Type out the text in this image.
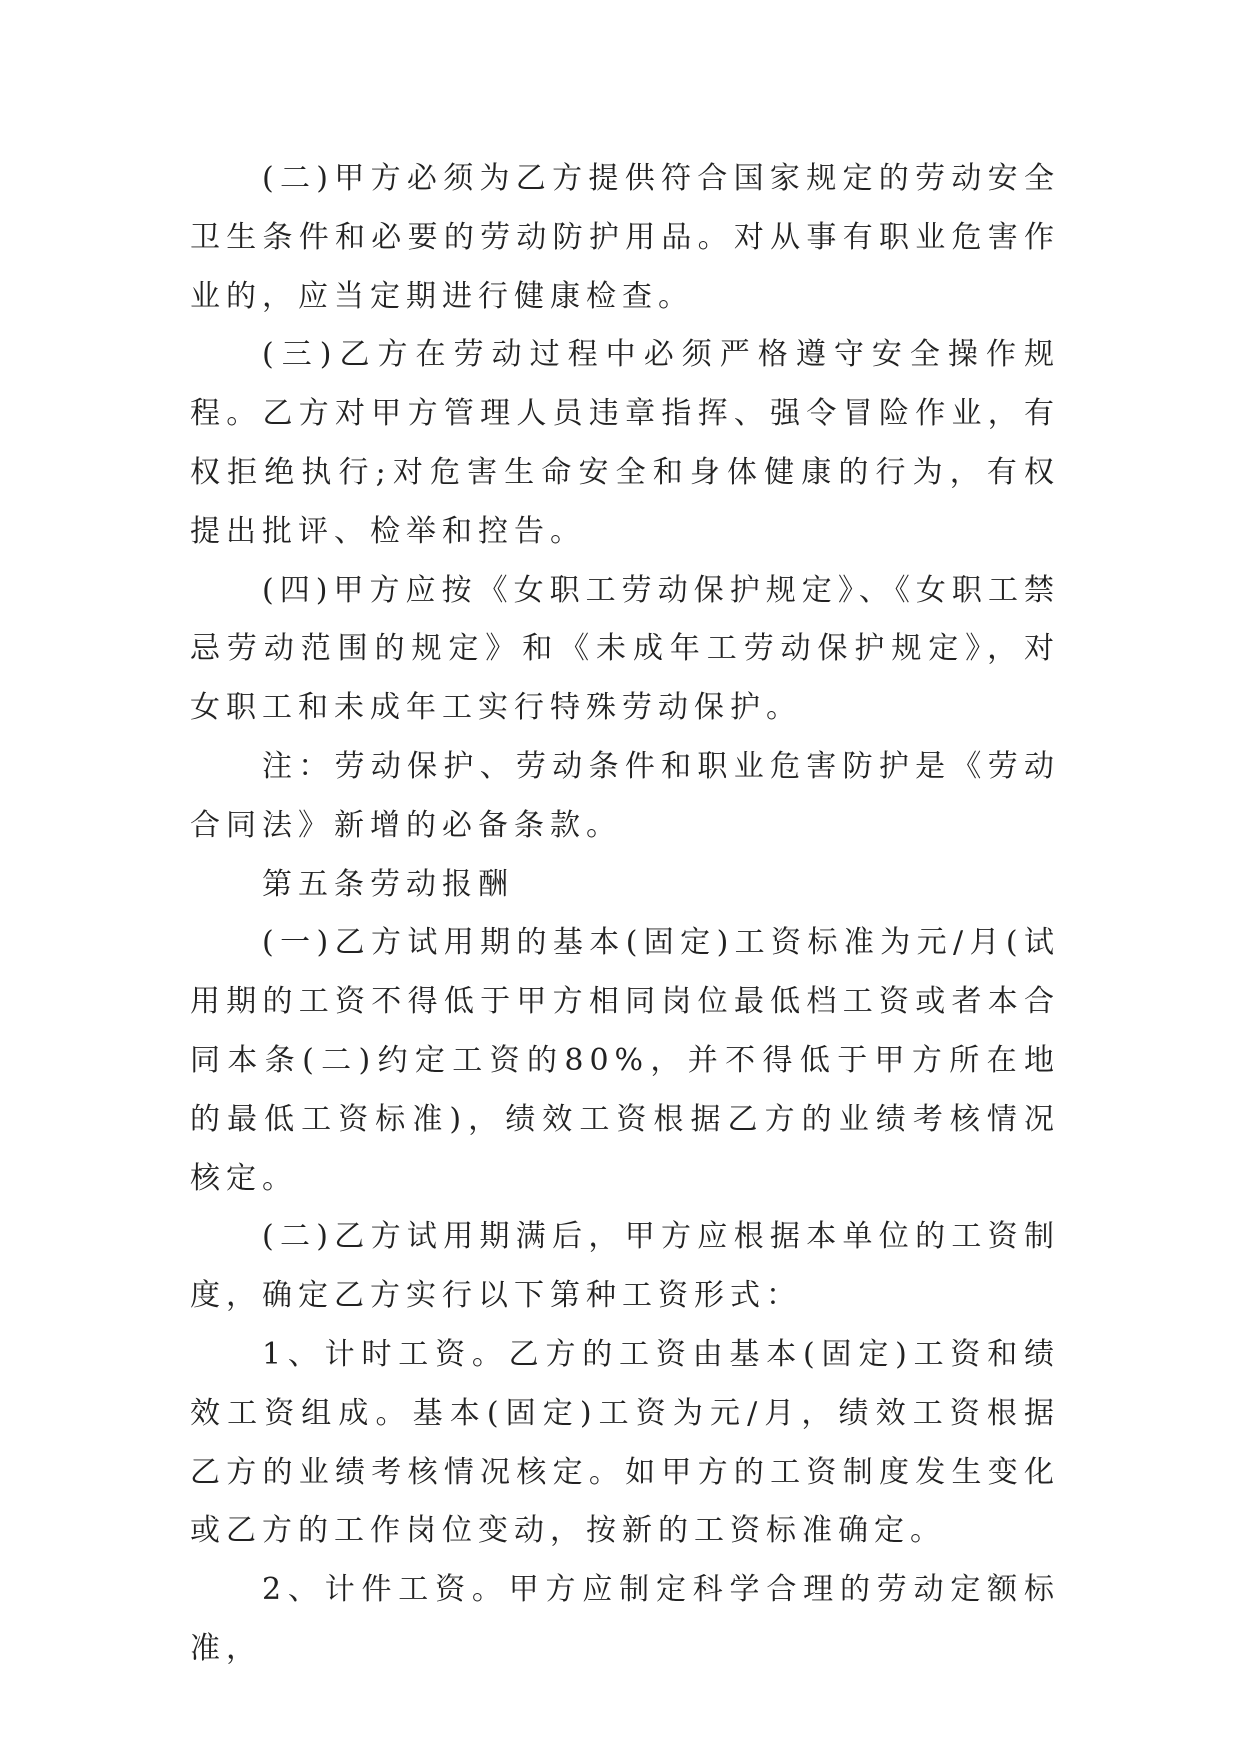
(二)甲方必须为乙方提供符合国家规定的劳动安全卫生条件和必要的劳动防护用品。对从事有职业危害作业的，应当定期进行健康检查。

(三)乙方在劳动过程中必须严格遵守安全操作规程。乙方对甲方管理人员违章指挥、强令冒险作业，有权拒绝执行;对危害生命安全和身体健康的行为，有权提出批评、检举和控告。

(四)甲方应按《女职工劳动保护规定》、《女职工禁忌劳动范围的规定》和《未成年工劳动保护规定》，对女职工和未成年工实行特殊劳动保护。

注：劳动保护、劳动条件和职业危害防护是《劳动合同法》新增的必备条款。

第五条劳动报酬

(一)乙方试用期的基本(固定)工资标准为元/月(试用期的工资不得低于甲方相同岗位最低档工资或者本合同本条(二)约定工资的80%，并不得低于甲方所在地的最低工资标准)，绩效工资根据乙方的业绩考核情况核定。

(二)乙方试用期满后，甲方应根据本单位的工资制度，确定乙方实行以下第种工资形式：

1、计时工资。乙方的工资由基本(固定)工资和绩效工资组成。基本(固定)工资为元/月，绩效工资根据乙方的业绩考核情况核定。如甲方的工资制度发生变化或乙方的工作岗位变动，按新的工资标准确定。

2、计件工资。甲方应制定科学合理的劳动定额标准，
